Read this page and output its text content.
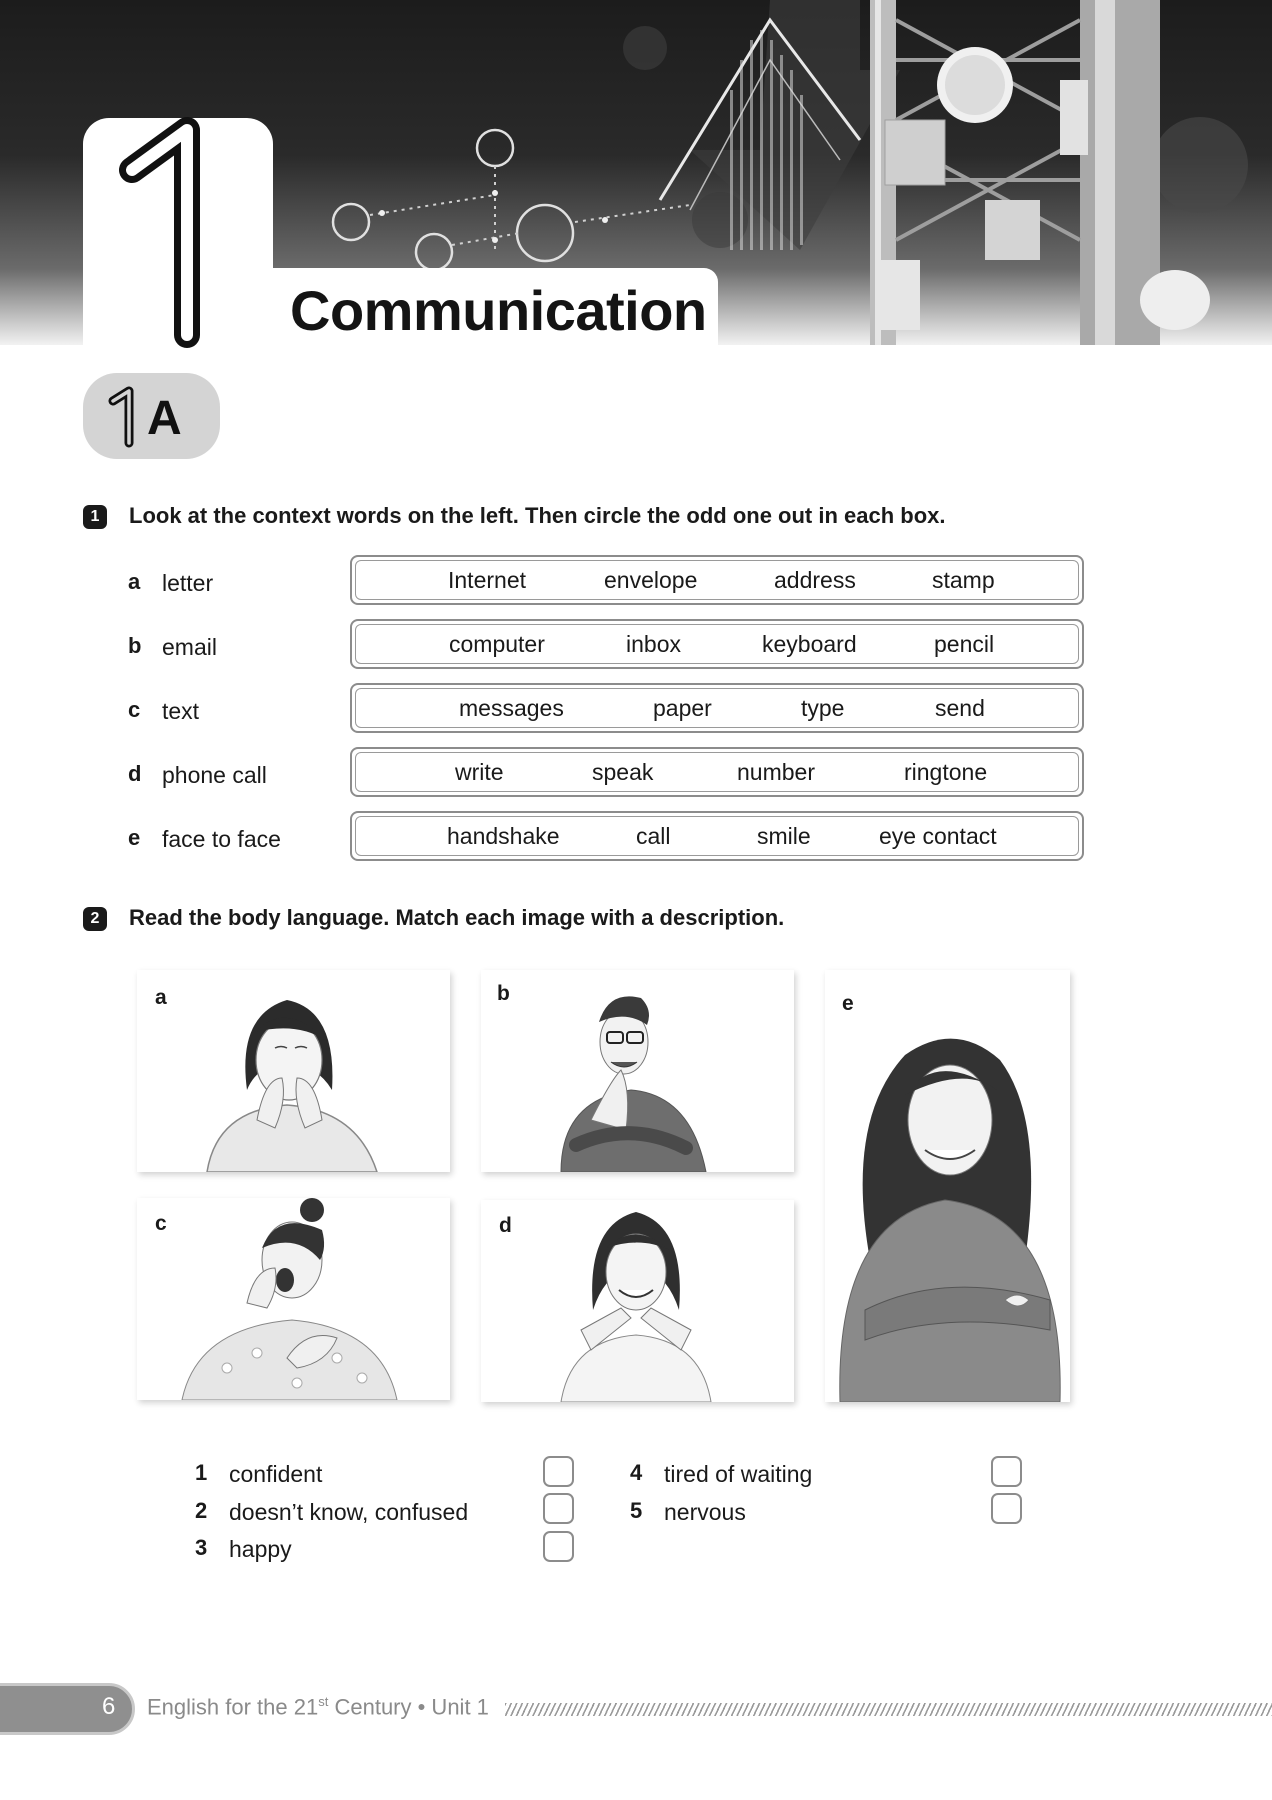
Communication
A
1	Look at the context words on the left. Then circle the odd one out in each box.
a letter	Internet	envelope	address	stamp
b email	computer	inbox	keyboard	pencil
c text	messages	paper	type	send
d phone call	write	speak	number	ringtone
e face to face	handshake	call	smile	eye contact
2	Read the body language. Match each image with a description.
a	b	e
c	d
1 confident
2 doesn’t know, confused
3 happy
4 tired of waiting
5 nervous
6 English for the 21st Century • Unit 1
